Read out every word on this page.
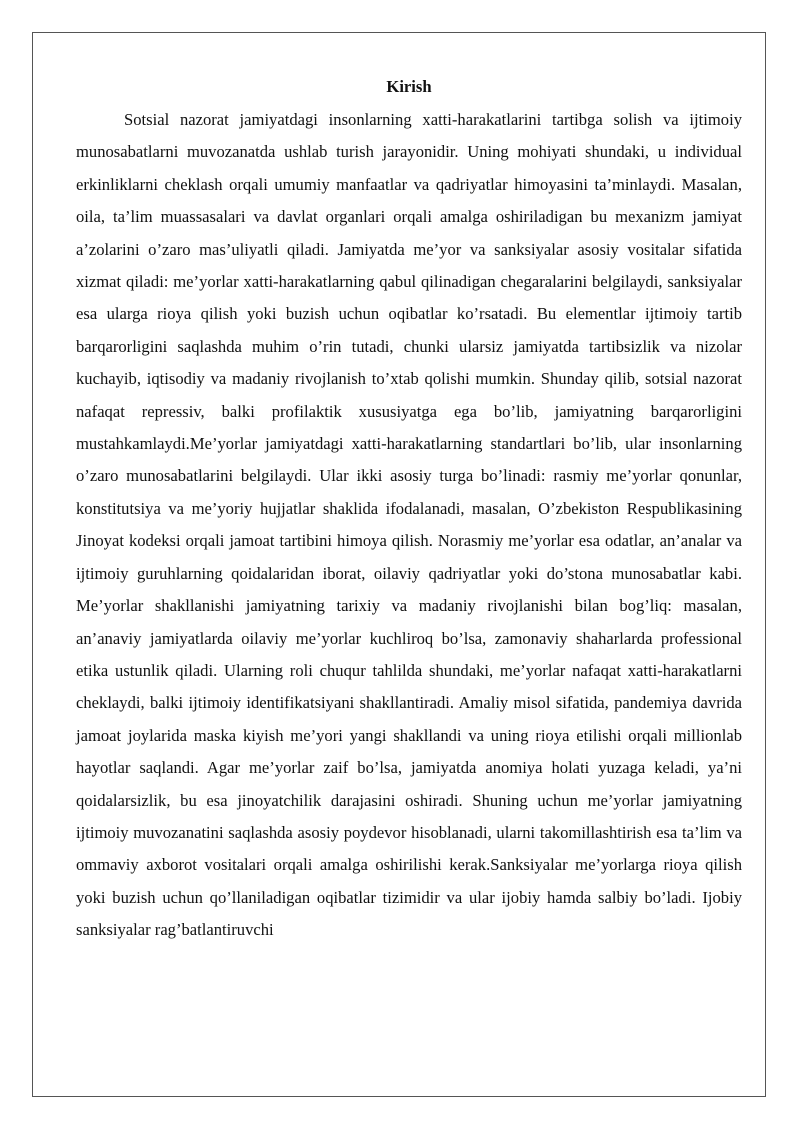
Kirish

Sotsial nazorat jamiyatdagi insonlarning xatti-harakatlarini tartibga solish va ijtimoiy munosabatlarni muvozanatda ushlab turish jarayonidir. Uning mohiyati shundaki, u individual erkinliklarni cheklash orqali umumiy manfaatlar va qadriyatlar himoyasini ta’minlaydi. Masalan, oila, ta’lim muassasalari va davlat organlari orqali amalga oshiriladigan bu mexanizm jamiyat a’zolarini o’zaro mas’uliyatli qiladi. Jamiyatda me’yor va sanksiyalar asosiy vositalar sifatida xizmat qiladi: me’yorlar xatti-harakatlarning qabul qilinadigan chegaralarini belgilaydi, sanksiyalar esa ularga rioya qilish yoki buzish uchun oqibatlar ko’rsatadi. Bu elementlar ijtimoiy tartib barqarorligini saqlashda muhim o’rin tutadi, chunki ularsiz jamiyatda tartibsizlik va nizolar kuchayib, iqtisodiy va madaniy rivojlanish to’xtab qolishi mumkin. Shunday qilib, sotsial nazorat nafaqat repressiv, balki profilaktik xususiyatga ega bo’lib, jamiyatning barqarorligini mustahkamlaydi.Me’yorlar jamiyatdagi xatti-harakatlarning standartlari bo’lib, ular insonlarning o’zaro munosabatlarini belgilaydi. Ular ikki asosiy turga bo’linadi: rasmiy me’yorlar qonunlar, konstitutsiya va me’yoriy hujjatlar shaklida ifodalanadi, masalan, O’zbekiston Respublikasining Jinoyat kodeksi orqali jamoat tartibini himoya qilish. Norasmiy me’yorlar esa odatlar, an’analar va ijtimoiy guruhlarning qoidalaridan iborat, oilaviy qadriyatlar yoki do’stona munosabatlar kabi. Me’yorlar shakllanishi jamiyatning tarixiy va madaniy rivojlanishi bilan bog’liq: masalan, an’anaviy jamiyatlarda oilaviy me’yorlar kuchliroq bo’lsa, zamonaviy shaharlarda professional etika ustunlik qiladi. Ularning roli chuqur tahlilda shundaki, me’yorlar nafaqat xatti-harakatlarni cheklaydi, balki ijtimoiy identifikatsiyani shakllantiradi. Amaliy misol sifatida, pandemiya davrida jamoat joylarida maska kiyish me’yori yangi shakllandi va uning rioya etilishi orqali millionlab hayotlar saqlandi. Agar me’yorlar zaif bo’lsa, jamiyatda anomiya holati yuzaga keladi, ya’ni qoidalarsizlik, bu esa jinoyatchilik darajasini oshiradi. Shuning uchun me’yorlar jamiyatning ijtimoiy muvozanatini saqlashda asosiy poydevor hisoblanadi, ularni takomillashtirish esa ta’lim va ommaviy axborot vositalari orqali amalga oshirilishi kerak.Sanksiyalar me’yorlarga rioya qilish yoki buzish uchun qo’llaniladigan oqibatlar tizimidir va ular ijobiy hamda salbiy bo’ladi. Ijobiy sanksiyalar rag’batlantiruvchi
